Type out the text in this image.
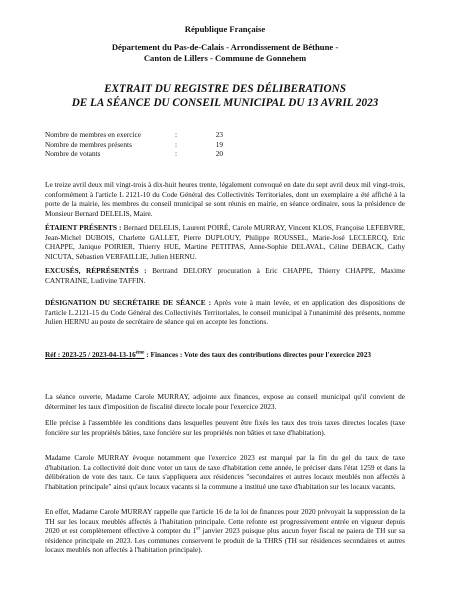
République Française
Département du Pas-de-Calais - Arrondissement de Béthune -
Canton de Lillers - Commune de Gonnehem
EXTRAIT DU REGISTRE DES DÉLIBERATIONS
DE LA SÉANCE DU CONSEIL MUNICIPAL DU 13 AVRIL 2023
Nombre de membres en exercice	:	23
Nombre de membres présents	:	19
Nombre de votants	:	20

Le treize avril deux mil vingt-trois à dix-huit heures trente, légalement convoqué en date du sept avril deux mil vingt-trois, conformément à l'article L 2121-10 du Code Général des Collectivités Territoriales, dont un exemplaire a été affiché à la porte de la mairie, les membres du conseil municipal se sont réunis en mairie, en séance ordinaire, sous la présidence de Monsieur Bernard DELELIS, Maire.

ÉTAIENT PRÉSENTS : Bernard DELELIS, Laurent POIRÉ, Carole MURRAY, Vincent KLOS, Françoise LEFEBVRE, Jean-Michel DUBOIS, Charlette GALLET, Pierre DUPLOUY, Philippe ROUSSEL, Marie-José LECLERCQ, Eric CHAPPE, Janique POIRIER, Thierry HUE, Martine PETITPAS, Anne-Sophie DELAVAL, Céline DEBACK, Cathy NICUTA, Sébastien VERFAILLIE, Julien HERNU.

EXCUSÉS, RÉPRÉSENTÉS : Bertrand DELORY procuration à Eric CHAPPE, Thierry CHAPPE, Maxime CANTRAINE, Ludivine TAFFIN.

DÉSIGNATION DU SECRÉTAIRE DE SÉANCE : Après vote à main levée, et en application des dispositions de l'article L.2121-15 du Code Général des Collectivités Territoriales, le conseil municipal à l'unanimité des présents, nomme Julien HERNU au poste de secrétaire de séance qui en accepte les fonctions.

Réf : 2023-25 / 2023-04-13-16ème : Finances : Vote des taux des contributions directes pour l'exercice 2023

La séance ouverte, Madame Carole MURRAY, adjointe aux finances, expose au conseil municipal qu'il convient de déterminer les taux d'imposition de fiscalité directe locale pour l'exercice 2023.

Elle précise à l'assemblée les conditions dans lesquelles peuvent être fixés les taux des trois taxes directes locales (taxe foncière sur les propriétés bâties, taxe foncière sur les propriétés non bâties et taxe d'habitation).

Madame Carole MURRAY évoque notamment que l'exercice 2023 est marqué par la fin du gel du taux de taxe d'habitation. La collectivité doit donc voter un taux de taxe d'habitation cette année, le préciser dans l'état 1259 et dans la délibération de vote des taux. Ce taux s'appliquera aux résidences "secondaires et autres locaux meublés non affectés à l'habitation principale" ainsi qu'aux locaux vacants si la commune a institué une taxe d'habitation sur les locaux vacants.

En effet, Madame Carole MURRAY rappelle que l'article 16 de la loi de finances pour 2020 prévoyait la suppression de la TH sur les locaux meublés affectés à l'habitation principale. Cette refonte est progressivement entrée en vigueur depuis 2020 et est complètement effective à compter du 1er janvier 2023 puisque plus aucun foyer fiscal ne paiera de TH sur sa résidence principale en 2023. Les communes conservent le produit de la THRS (TH sur résidences secondaires et autres locaux meublés non affectés à l'habitation principale).
